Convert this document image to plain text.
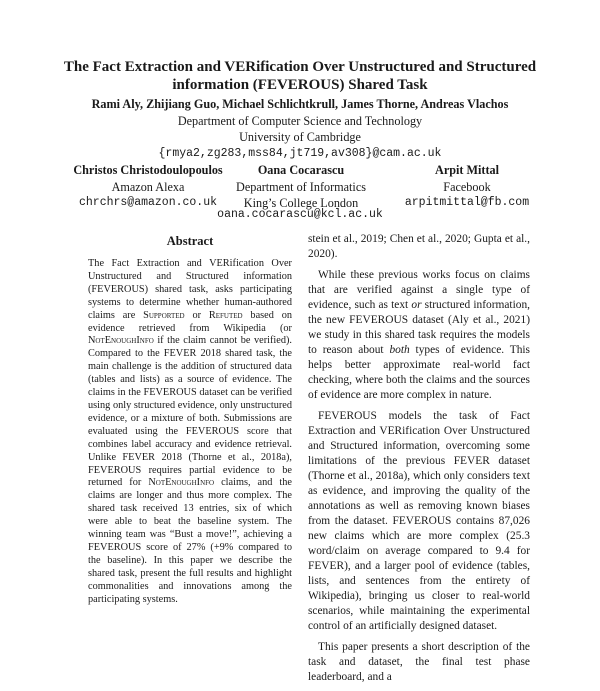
The Fact Extraction and VERification Over Unstructured and Structured
information (FEVEROUS) Shared Task
Rami Aly, Zhijiang Guo, Michael Schlichtkrull, James Thorne, Andreas Vlachos
Department of Computer Science and Technology
University of Cambridge
{rmya2,zg283,mss84,jt719,av308}@cam.ac.uk
Christos Christodoulopoulos
Amazon Alexa
chrchrs@amazon.co.uk
Oana Cocarascu
Department of Informatics
King’s College London
Arpit Mittal
Facebook
arpitmittal@fb.com
oana.cocarascu@kcl.ac.uk
Abstract
The Fact Extraction and VERification Over Unstructured and Structured information (FEVEROUS) shared task, asks participating systems to determine whether human-authored claims are Supported or Refuted based on evidence retrieved from Wikipedia (or NotEnoughInfo if the claim cannot be verified). Compared to the FEVER 2018 shared task, the main challenge is the addition of structured data (tables and lists) as a source of evidence. The claims in the FEVEROUS dataset can be verified using only structured evidence, only unstructured evidence, or a mixture of both. Submissions are evaluated using the FEVEROUS score that combines label accuracy and evidence retrieval. Unlike FEVER 2018 (Thorne et al., 2018a), FEVEROUS requires partial evidence to be returned for NotEnoughInfo claims, and the claims are longer and thus more complex. The shared task received 13 entries, six of which were able to beat the baseline system. The winning team was “Bust a move!”, achieving a FEVEROUS score of 27% (+9% compared to the baseline). In this paper we describe the shared task, present the full results and highlight commonalities and innovations among the participating systems.

stein et al., 2019; Chen et al., 2020; Gupta et al., 2020).

While these previous works focus on claims that are verified against a single type of evidence, such as text or structured information, the new FEVEROUS dataset (Aly et al., 2021) we study in this shared task requires the models to reason about both types of evidence. This helps better approximate real-world fact checking, where both the claims and the sources of evidence are more complex in nature.

FEVEROUS models the task of Fact Extraction and VERification Over Unstructured and Structured information, overcoming some limitations of the previous FEVER dataset (Thorne et al., 2018a), which only considers text as evidence, and improving the quality of the annotations as well as removing known biases from the dataset. FEVEROUS contains 87,026 new claims which are more complex (25.3 word/claim on average compared to 9.4 for FEVER), and a larger pool of evidence (tables, lists, and sentences from the entirety of Wikipedia), bringing us closer to real-world scenarios, while maintaining the experimental control of an artificially designed dataset.

This paper presents a short description of the task and dataset, the final test phase leaderboard, and a
